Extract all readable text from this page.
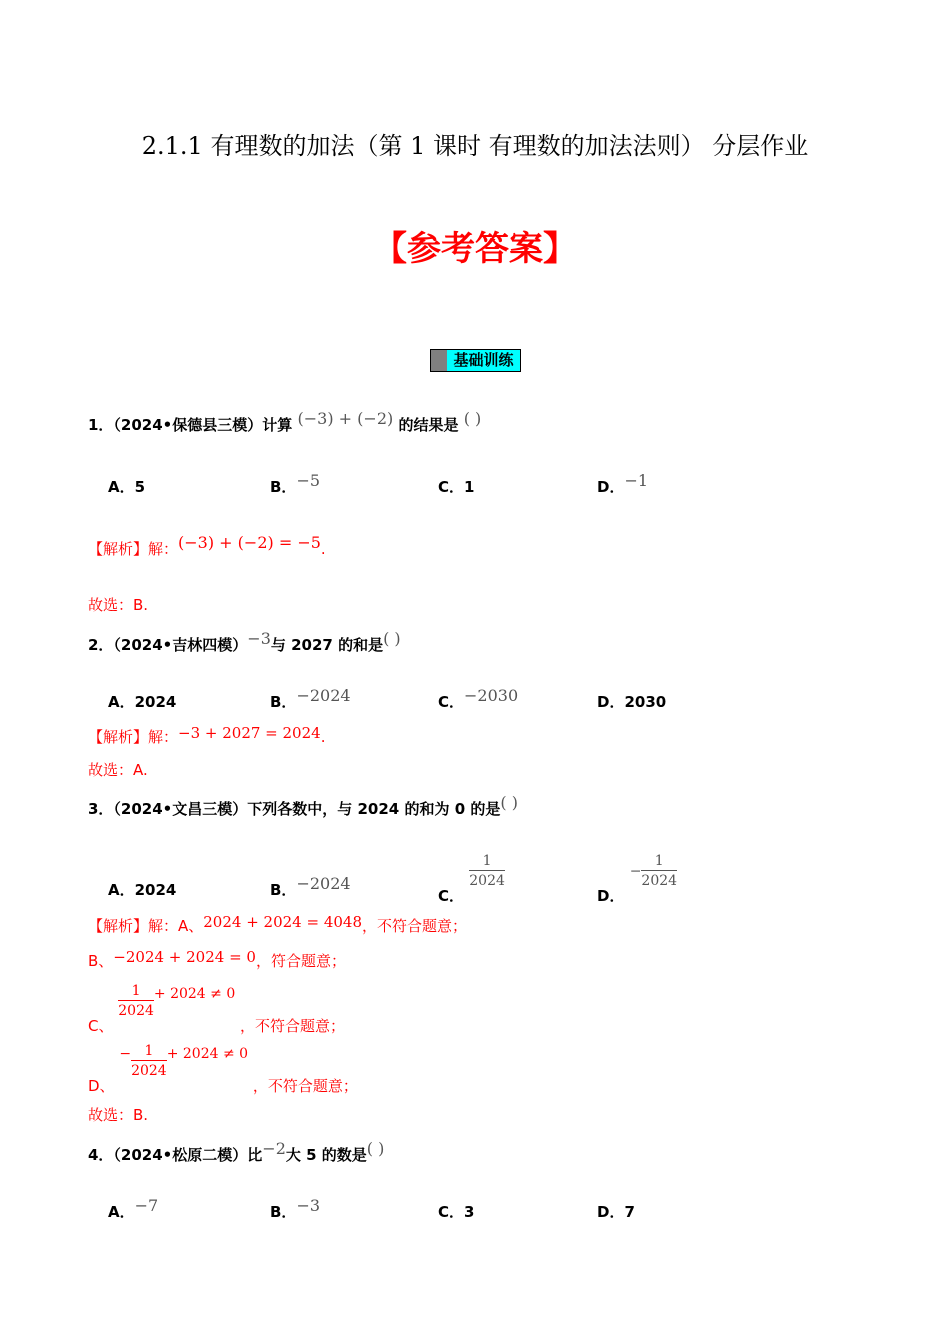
2.1.1 有理数的加法（第 1 课时 有理数的加法法则） 分层作业
【参考答案】
基础训练
1．（2024•保德县三模）计算 (−3) + (−2) 的结果是 ( )
A．5	B．−5	C．1	D．−1
【解析】解：(−3) + (−2) = −5.
故选：B.
2．（2024•吉林四模）−3与 2027 的和是( )
A．2024	B．−2024	C．−2030	D．2030
【解析】解：−3 + 2027 = 2024.
故选：A.
3．（2024•文昌三模）下列各数中，与 2024 的和为 0 的是( )
A．2024	B．−2024
C．
$\frac{1}{2024}$
D． − $\frac{1}{2024}$
【解析】解：A、2024 + 2024 = 4048，不符合题意；
B、−2024 + 2024 = 0，符合题意；
C、
$\frac{1}{2024} + 2024 \ne 0$ ，不符合题意；
D、 − $\frac{1}{2024} + 2024 \ne 0$ ，不符合题意；
故选：B.
4．（2024•松原二模）比−2大 5 的数是( )
A．−7	B．−3	C．3	D．7
